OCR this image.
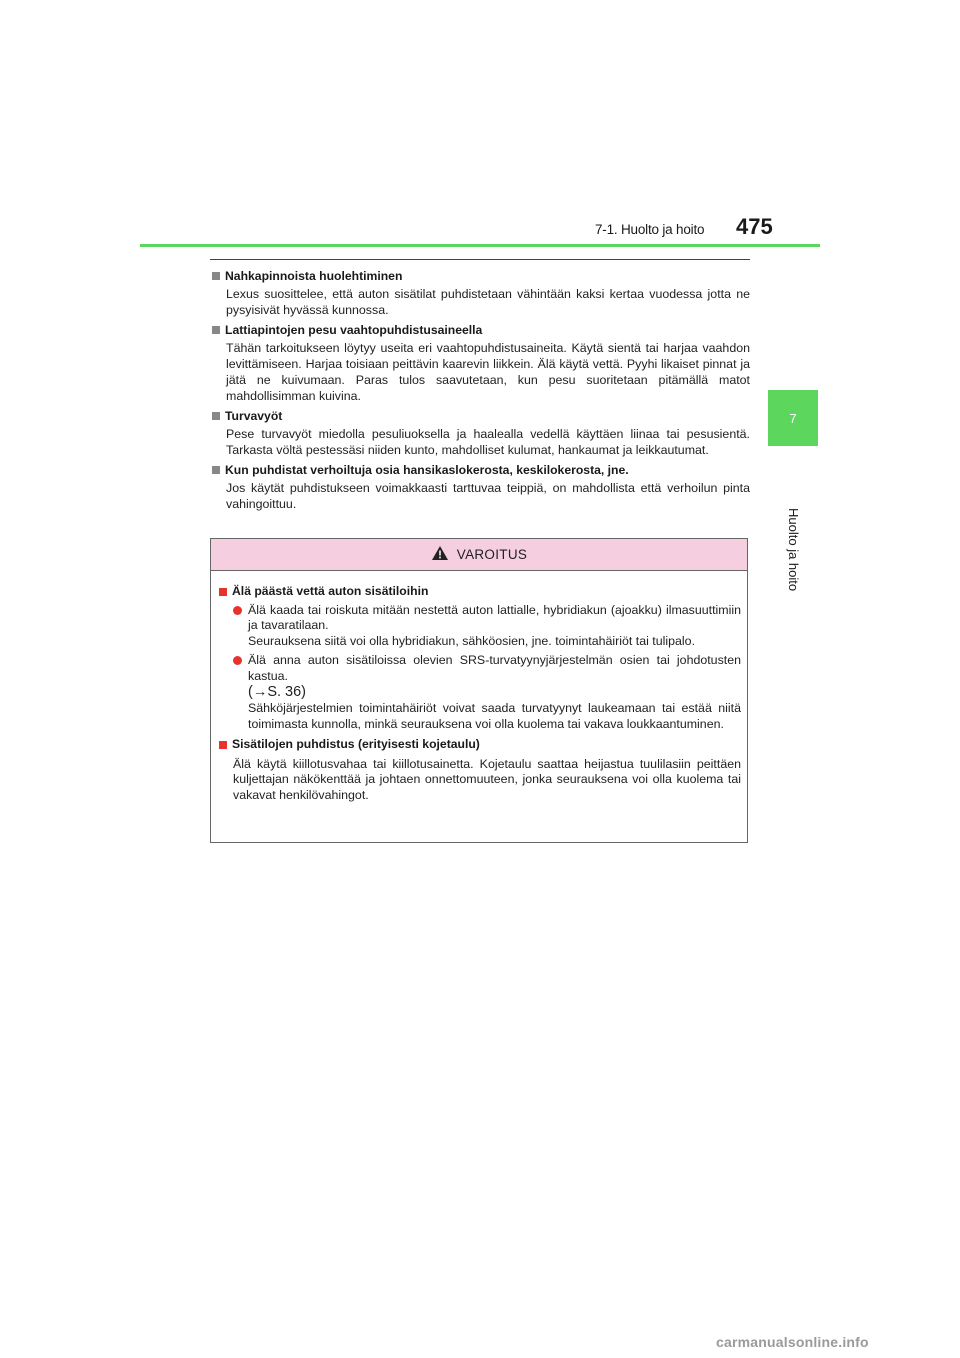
7-1. Huolto ja hoito 475
7
Huolto ja hoito
Nahkapinnoista huolehtiminen
Lexus suosittelee, että auton sisätilat puhdistetaan vähintään kaksi kertaa vuodessa jotta ne pysyisivät hyvässä kunnossa.
Lattiapintojen pesu vaahtopuhdistusaineella
Tähän tarkoitukseen löytyy useita eri vaahtopuhdistusaineita. Käytä sientä tai harjaa vaahdon levittämiseen. Harjaa toisiaan peittävin kaarevin liikkein. Älä käytä vettä. Pyyhi likaiset pinnat ja jätä ne kuivumaan. Paras tulos saavutetaan, kun pesu suoritetaan pitämällä matot mahdollisimman kuivina.
Turvavyöt
Pese turvavyöt miedolla pesuliuoksella ja haalealla vedellä käyttäen liinaa tai pesusientä. Tarkasta völtä pestessäsi niiden kunto, mahdolliset kulumat, hankaumat ja leikkautumat.
Kun puhdistat verhoiltuja osia hansikaslokerosta, keskilokerosta, jne.
Jos käytät puhdistukseen voimakkaasti tarttuvaa teippiä, on mahdollista että verhoilun pinta vahingoittuu.
VAROITUS
Älä päästä vettä auton sisätiloihin
Älä kaada tai roiskuta mitään nestettä auton lattialle, hybridiakun (ajoakku) ilmasuuttimiin ja tavaratilaan.
Seurauksena siitä voi olla hybridiakun, sähköosien, jne. toimintahäiriöt tai tulipalo.
Älä anna auton sisätiloissa olevien SRS-turvatyynyjärjestelmän osien tai johdotusten kastua.
(→S. 36)
Sähköjärjestelmien toimintahäiriöt voivat saada turvatyynyt laukeamaan tai estää niitä toimimasta kunnolla, minkä seurauksena voi olla kuolema tai vakava loukkaantuminen.
Sisätilojen puhdistus (erityisesti kojetaulu)
Älä käytä kiillotusvahaa tai kiillotusainetta. Kojetaulu saattaa heijastua tuulilasiin peittäen kuljettajan näkökenttää ja johtaen onnettomuuteen, jonka seurauksena voi olla kuolema tai vakavat henkilövahingot.
carmanualsonline.info
